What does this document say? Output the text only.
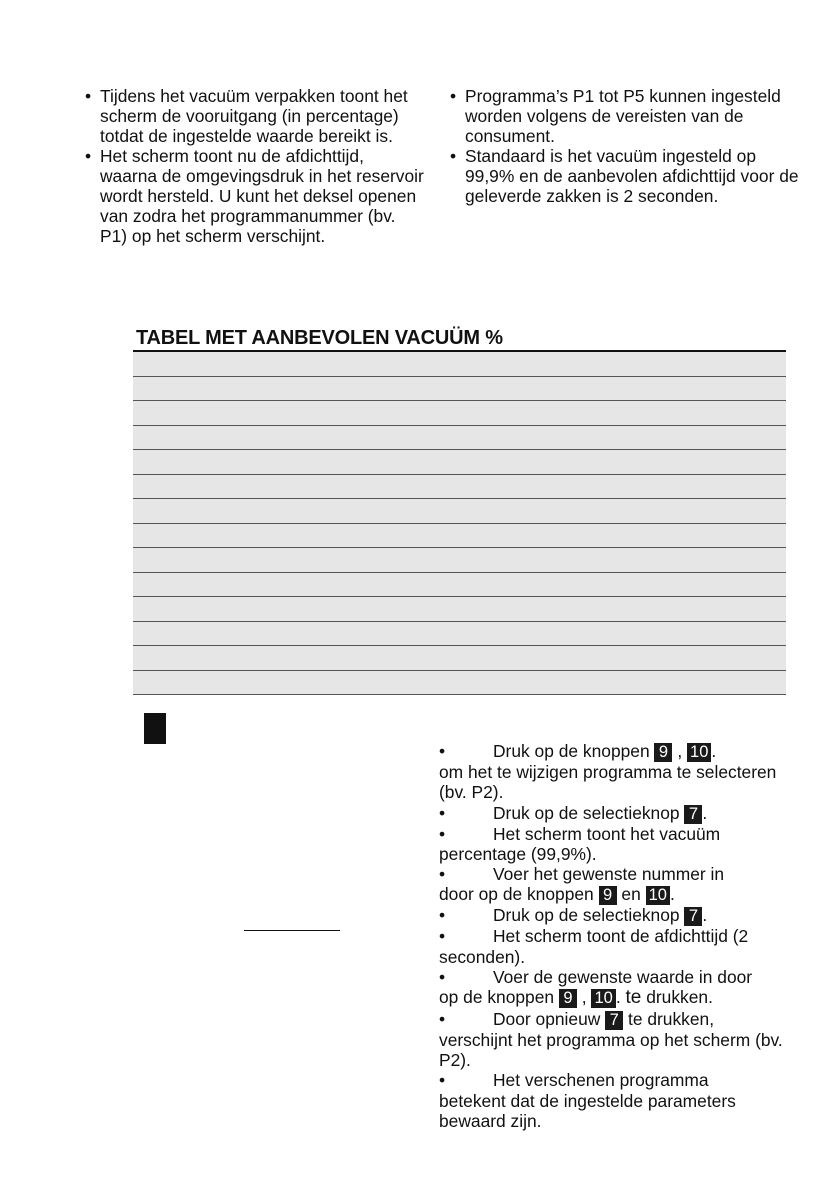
• Tijdens het vacuüm verpakken toont het scherm de vooruitgang (in percentage) totdat de ingestelde waarde bereikt is.
• Het scherm toont nu de afdichttijd, waarna de omgevingsdruk in het reservoir wordt hersteld. U kunt het deksel openen van zodra het programmanummer (bv. P1) op het scherm verschijnt.
• Programma’s P1 tot P5 kunnen ingesteld worden volgens de vereisten van de consument.
• Standaard is het vacuüm ingesteld op 99,9% en de aanbevolen afdichttijd voor de geleverde zakken is 2 seconden.
TABEL MET AANBEVOLEN VACUÜM %

•	Druk op de knoppen 9 , 10 .
om het te wijzigen programma te selecteren (bv. P2).

•	Druk op de selectieknop 7 .

•	Het scherm toont het vacuüm
percentage (99,9%).

•	Voer het gewenste nummer in
door op de knoppen 9 en 10 .

•	Druk op de selectieknop 7 .

•	Het scherm toont de afdichttijd (2
seconden).

•	Voer de gewenste waarde in door
op de knoppen 9 , 10 . te drukken.

•	Door opnieuw 7 te drukken,
verschijnt het programma op het scherm (bv. P2).

•	Het verschenen programma
betekent dat de ingestelde parameters bewaard zijn.
